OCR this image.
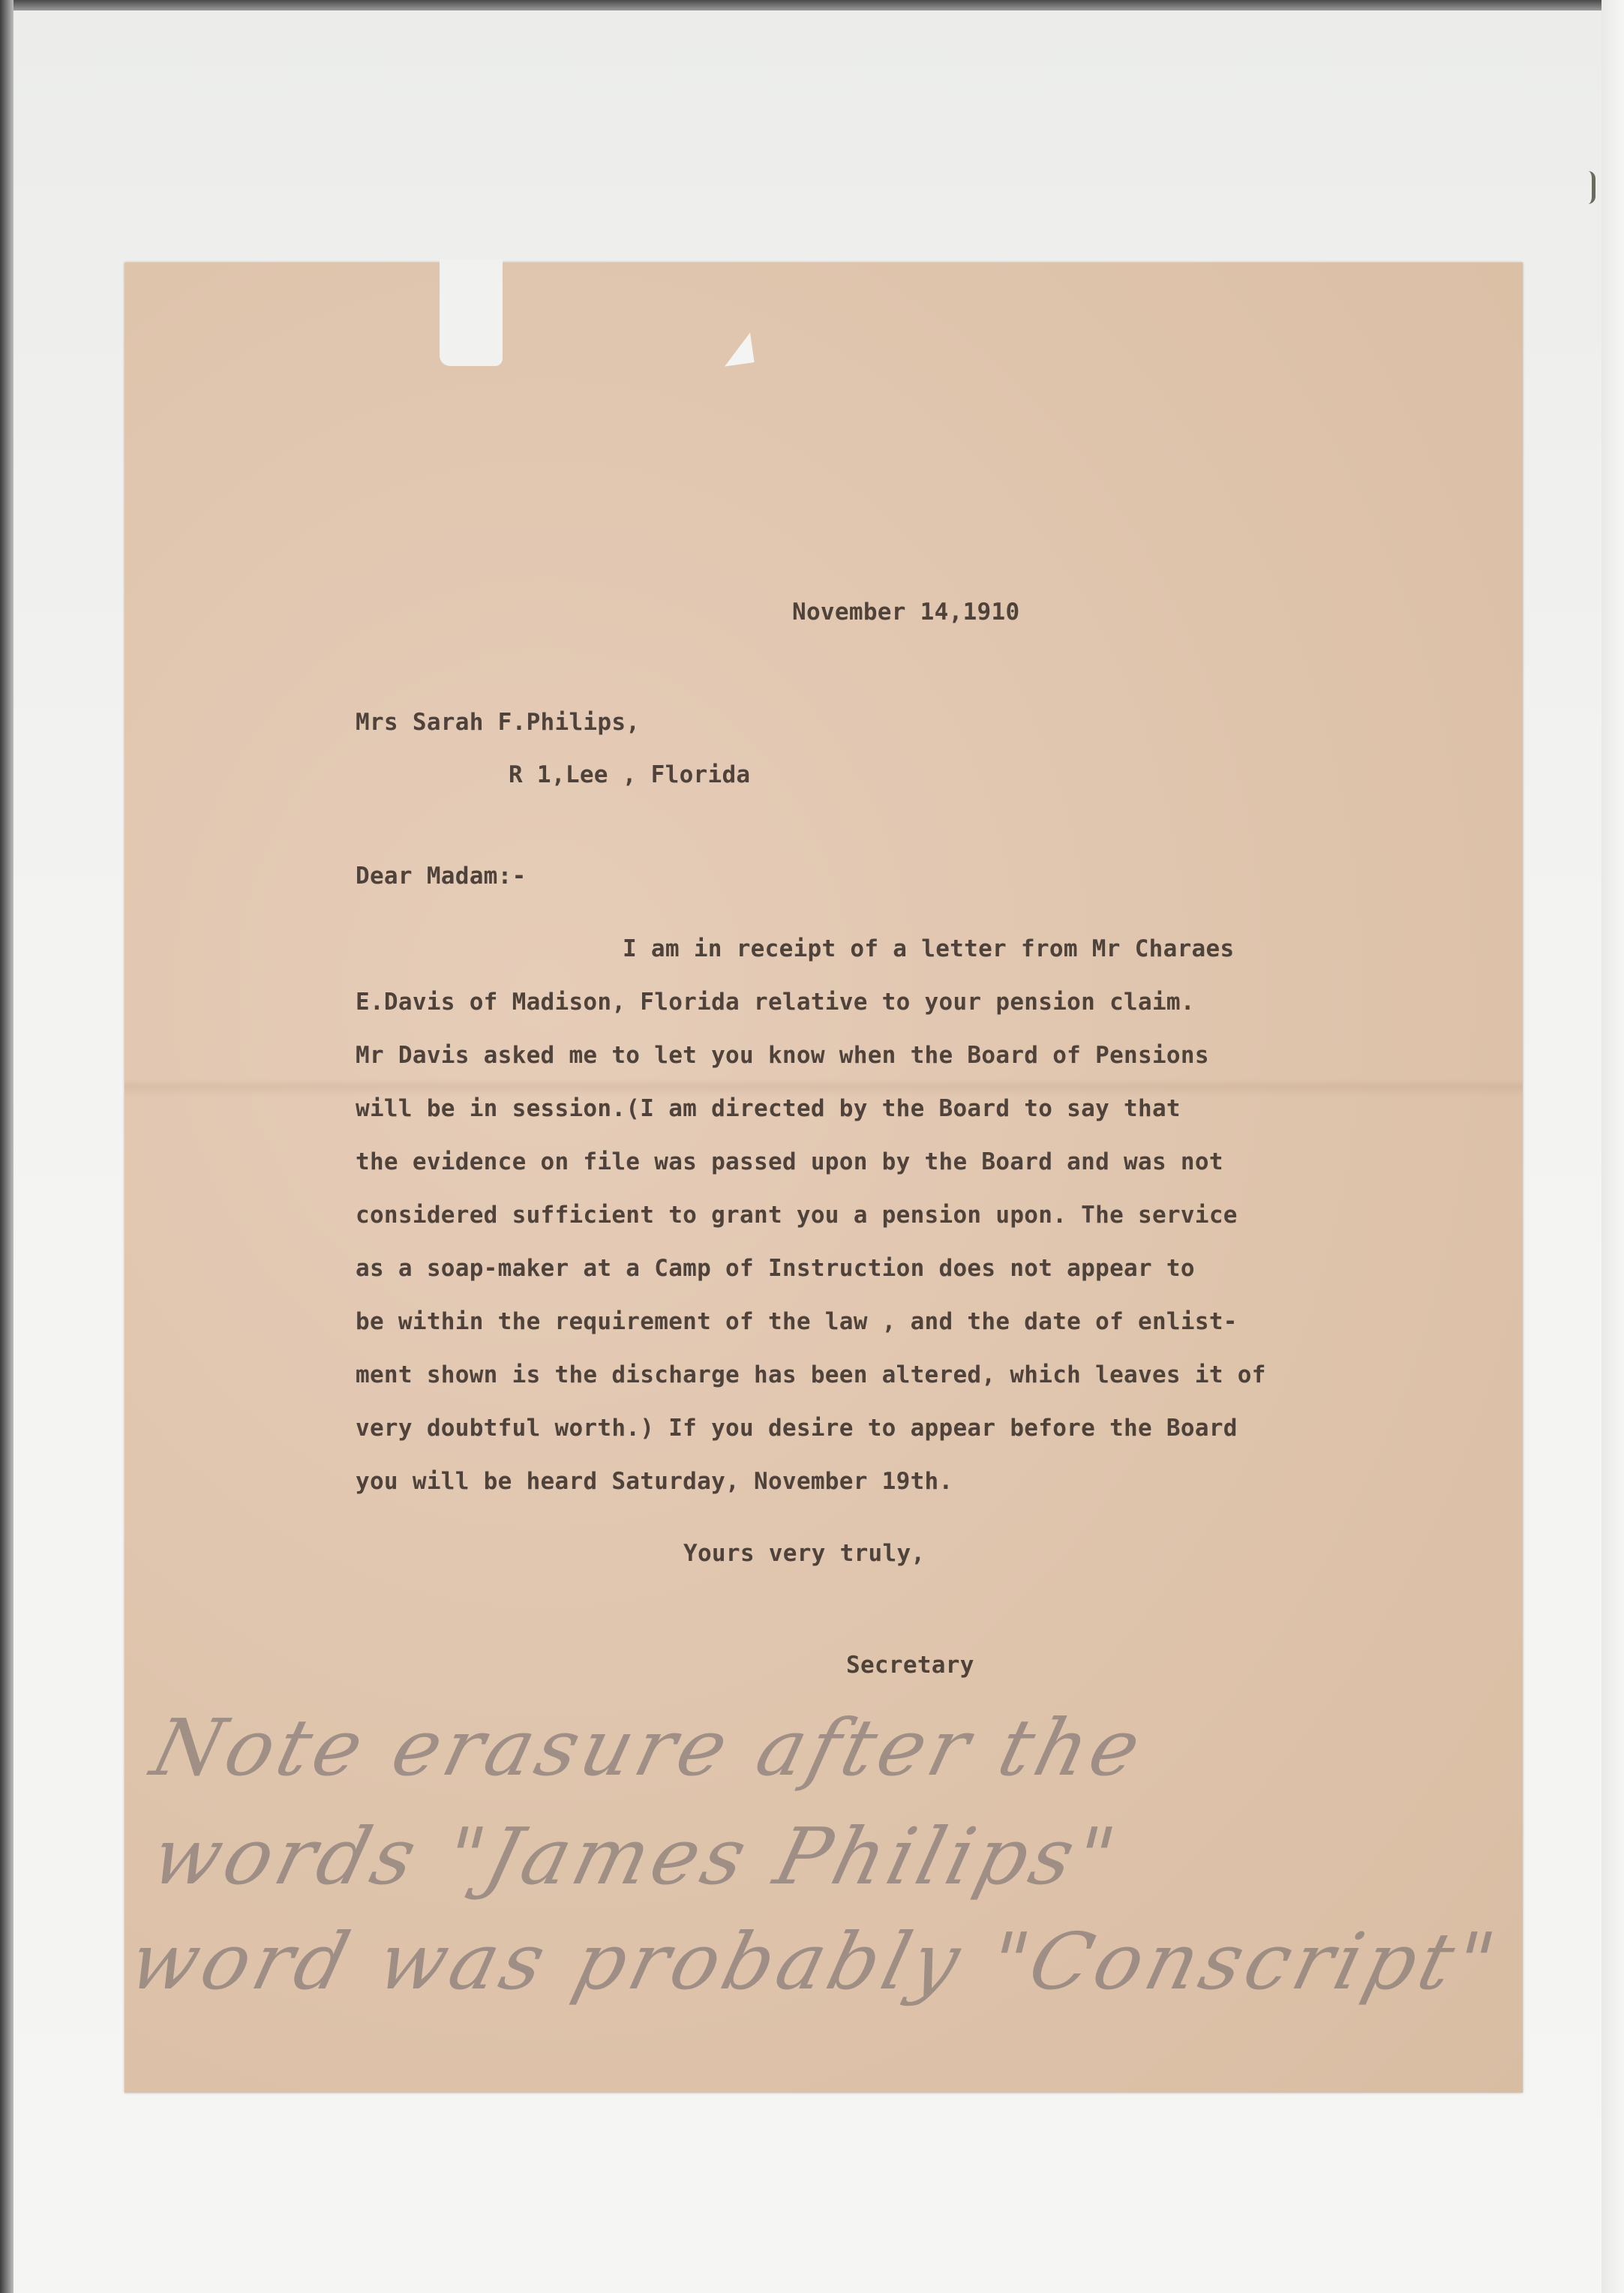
November 14,1910
Mrs Sarah F.Philips,
R 1,Lee , Florida
Dear Madam:-
I am in receipt of a letter from Mr Charaes
E.Davis of Madison, Florida relative to your pension claim.
Mr Davis asked me to let you know when the Board of Pensions
will be in session.(I am directed by the Board to say that
the evidence on file was passed upon by the Board and was not
considered sufficient to grant you a pension upon. The service
as a soap-maker at a Camp of Instruction does not appear to
be within the requirement of the law , and the date of enlist-
ment shown is the discharge has been altered, which leaves it of
very doubtful worth.) If you desire to appear before the Board
you will be heard Saturday, November 19th.
Yours very truly,
Secretary
Note erasure after the
words "James Philips"
word was probably "Conscript"
